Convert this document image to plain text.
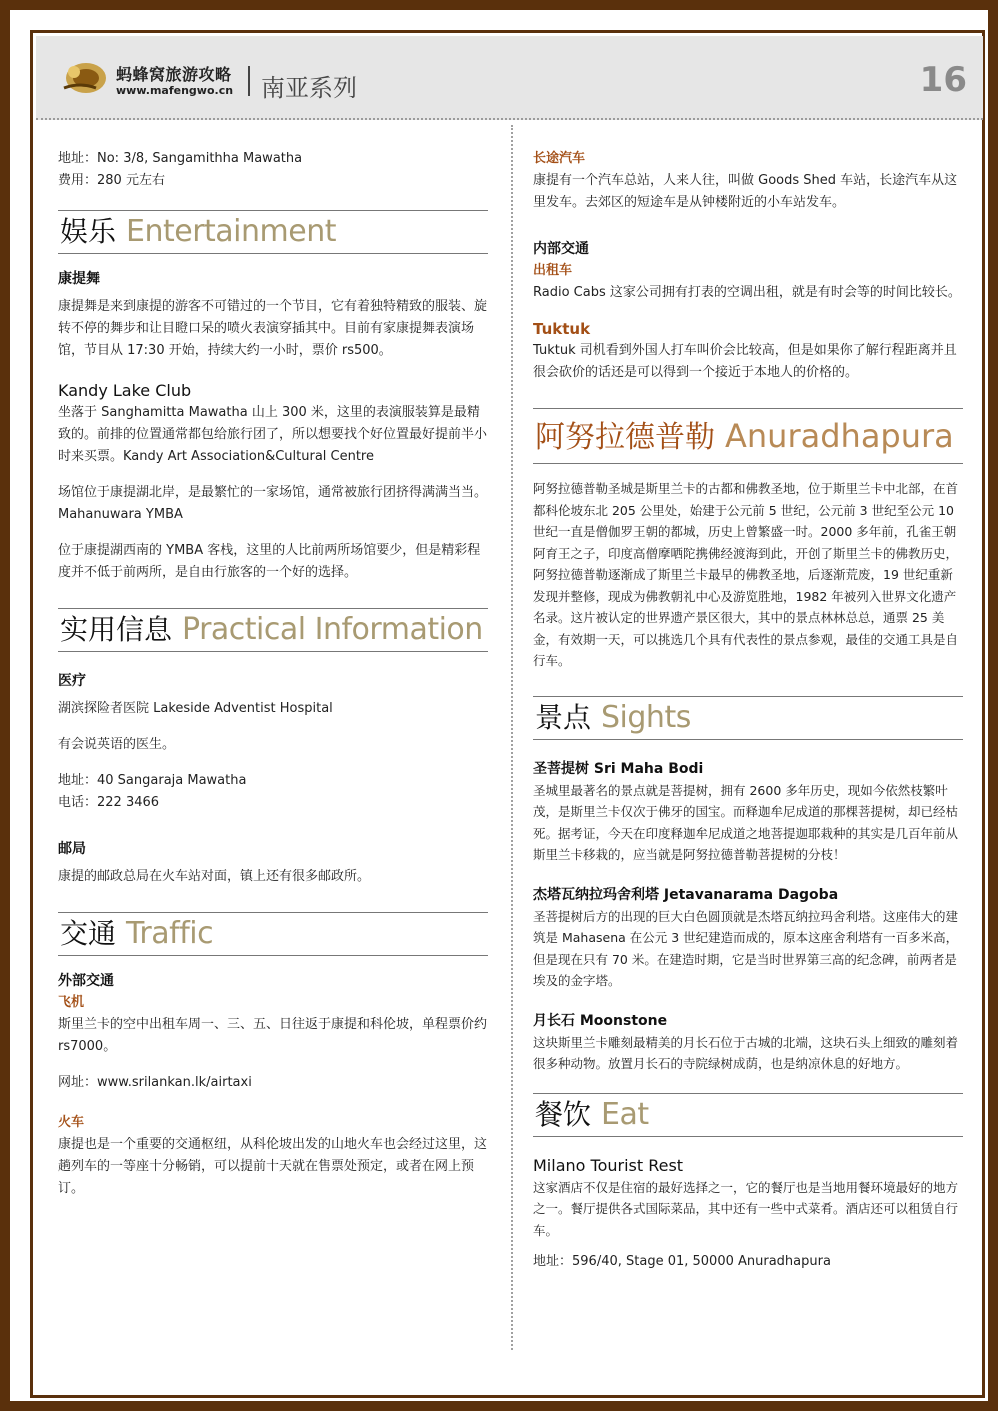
蚂蜂窝旅游攻略
www.mafengwo.cn 南亚系列	16

地址：No: 3/8, Sangamithha Mawatha

费用：280 元左右

娱乐 Entertainment

康提舞

康提舞是来到康提的游客不可错过的一个节目，它有着独特精致的服装、旋转不停的舞步和让目瞪口呆的喷火表演穿插其中。目前有家康提舞表演场馆，节目从 17:30 开始，持续大约一小时，票价 rs500。

Kandy Lake Club

坐落于 Sanghamitta Mawatha 山上 300 米，这里的表演服装算是最精致的。前排的位置通常都包给旅行团了，所以想要找个好位置最好提前半小时来买票。Kandy Art Association&Cultural Centre

场馆位于康提湖北岸，是最繁忙的一家场馆，通常被旅行团挤得满满当当。Mahanuwara YMBA

位于康提湖西南的 YMBA 客栈，这里的人比前两所场馆要少，但是精彩程度并不低于前两所，是自由行旅客的一个好的选择。

实用信息 Practical Information

医疗

湖滨探险者医院 Lakeside Adventist Hospital

有会说英语的医生。

地址：40 Sangaraja Mawatha

电话：222 3466

邮局

康提的邮政总局在火车站对面，镇上还有很多邮政所。

交通 Traffic

外部交通

飞机

斯里兰卡的空中出租车周一、三、五、日往返于康提和科伦坡，单程票价约 rs7000。

网址：www.srilankan.lk/airtaxi

火车

康提也是一个重要的交通枢纽，从科伦坡出发的山地火车也会经过这里，这趟列车的一等座十分畅销，可以提前十天就在售票处预定，或者在网上预订。

长途汽车

康提有一个汽车总站，人来人往，叫做 Goods Shed 车站，长途汽车从这里发车。去郊区的短途车是从钟楼附近的小车站发车。

内部交通

出租车

Radio Cabs 这家公司拥有打表的空调出租，就是有时会等的时间比较长。

Tuktuk

Tuktuk 司机看到外国人打车叫价会比较高，但是如果你了解行程距离并且很会砍价的话还是可以得到一个接近于本地人的价格的。

阿努拉德普勒 Anuradhapura

阿努拉德普勒圣城是斯里兰卡的古都和佛教圣地，位于斯里兰卡中北部，在首都科伦坡东北 205 公里处，始建于公元前 5 世纪，公元前 3 世纪至公元 10 世纪一直是僧伽罗王朝的都城，历史上曾繁盛一时。2000 多年前，孔雀王朝阿育王之子，印度高僧摩哂陀携佛经渡海到此，开创了斯里兰卡的佛教历史，阿努拉德普勒逐渐成了斯里兰卡最早的佛教圣地，后逐渐荒废，19 世纪重新发现并整修，现成为佛教朝礼中心及游览胜地，1982 年被列入世界文化遗产名录。这片被认定的世界遗产景区很大，其中的景点林林总总，通票 25 美金，有效期一天，可以挑选几个具有代表性的景点参观，最佳的交通工具是自行车。

景点 Sights

圣菩提树 Sri Maha Bodi

圣城里最著名的景点就是菩提树，拥有 2600 多年历史，现如今依然枝繁叶茂，是斯里兰卡仅次于佛牙的国宝。而释迦牟尼成道的那棵菩提树，却已经枯死。据考证，今天在印度释迦牟尼成道之地菩提迦耶栽种的其实是几百年前从斯里兰卡移栽的，应当就是阿努拉德普勒菩提树的分枝！

杰塔瓦纳拉玛舍利塔 Jetavanarama Dagoba

圣菩提树后方的出现的巨大白色圆顶就是杰塔瓦纳拉玛舍利塔。这座伟大的建筑是 Mahasena 在公元 3 世纪建造而成的，原本这座舍利塔有一百多米高，但是现在只有 70 米。在建造时期，它是当时世界第三高的纪念碑，前两者是埃及的金字塔。

月长石 Moonstone

这块斯里兰卡雕刻最精美的月长石位于古城的北端，这块石头上细致的雕刻着很多种动物。放置月长石的寺院绿树成荫，也是纳凉休息的好地方。

餐饮 Eat

Milano Tourist Rest

这家酒店不仅是住宿的最好选择之一，它的餐厅也是当地用餐环境最好的地方之一。餐厅提供各式国际菜品，其中还有一些中式菜肴。酒店还可以租赁自行车。

地址：596/40, Stage 01, 50000 Anuradhapura
